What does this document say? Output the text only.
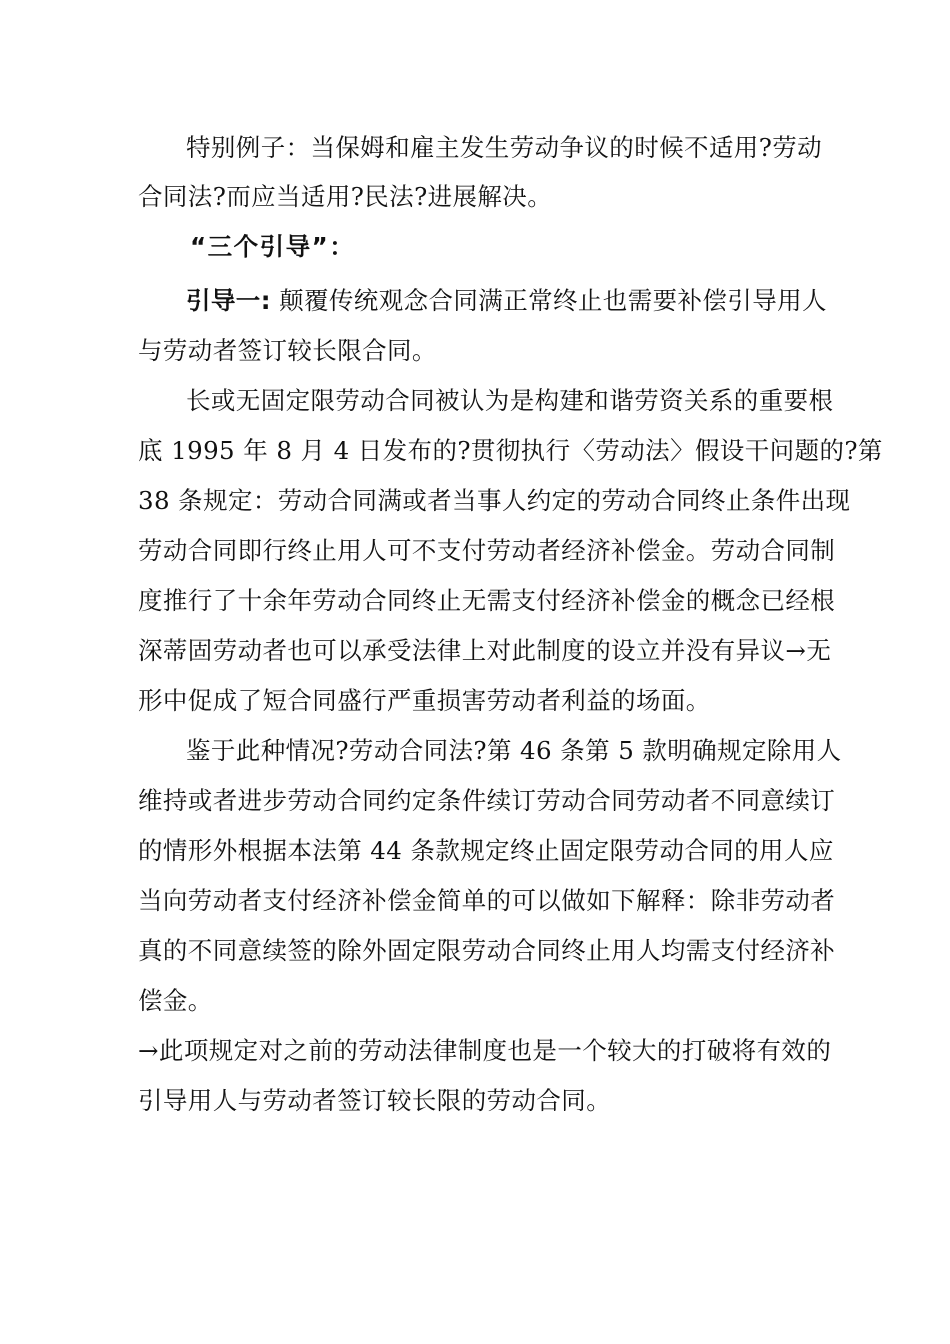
特别例子：当保姆和雇主发生劳动争议的时候不适用?劳动
合同法?而应当适用?民法?进展解决。
“三个引导”：
引导一: 颠覆传统观念合同满正常终止也需要补偿引导用人
与劳动者签订较长限合同。
长或无固定限劳动合同被认为是构建和谐劳资关系的重要根
底 1995 年 8 月 4 日发布的?贯彻执行〈劳动法〉假设干问题的?第
38 条规定：劳动合同满或者当事人约定的劳动合同终止条件出现
劳动合同即行终止用人可不支付劳动者经济补偿金。劳动合同制
度推行了十余年劳动合同终止无需支付经济补偿金的概念已经根
深蒂固劳动者也可以承受法律上对此制度的设立并没有异议→无
形中促成了短合同盛行严重损害劳动者利益的场面。
鉴于此种情况?劳动合同法?第 46 条第 5 款明确规定除用人
维持或者进步劳动合同约定条件续订劳动合同劳动者不同意续订
的情形外根据本法第 44 条款规定终止固定限劳动合同的用人应
当向劳动者支付经济补偿金简单的可以做如下解释：除非劳动者
真的不同意续签的除外固定限劳动合同终止用人均需支付经济补
偿金。
→此项规定对之前的劳动法律制度也是一个较大的打破将有效的
引导用人与劳动者签订较长限的劳动合同。
